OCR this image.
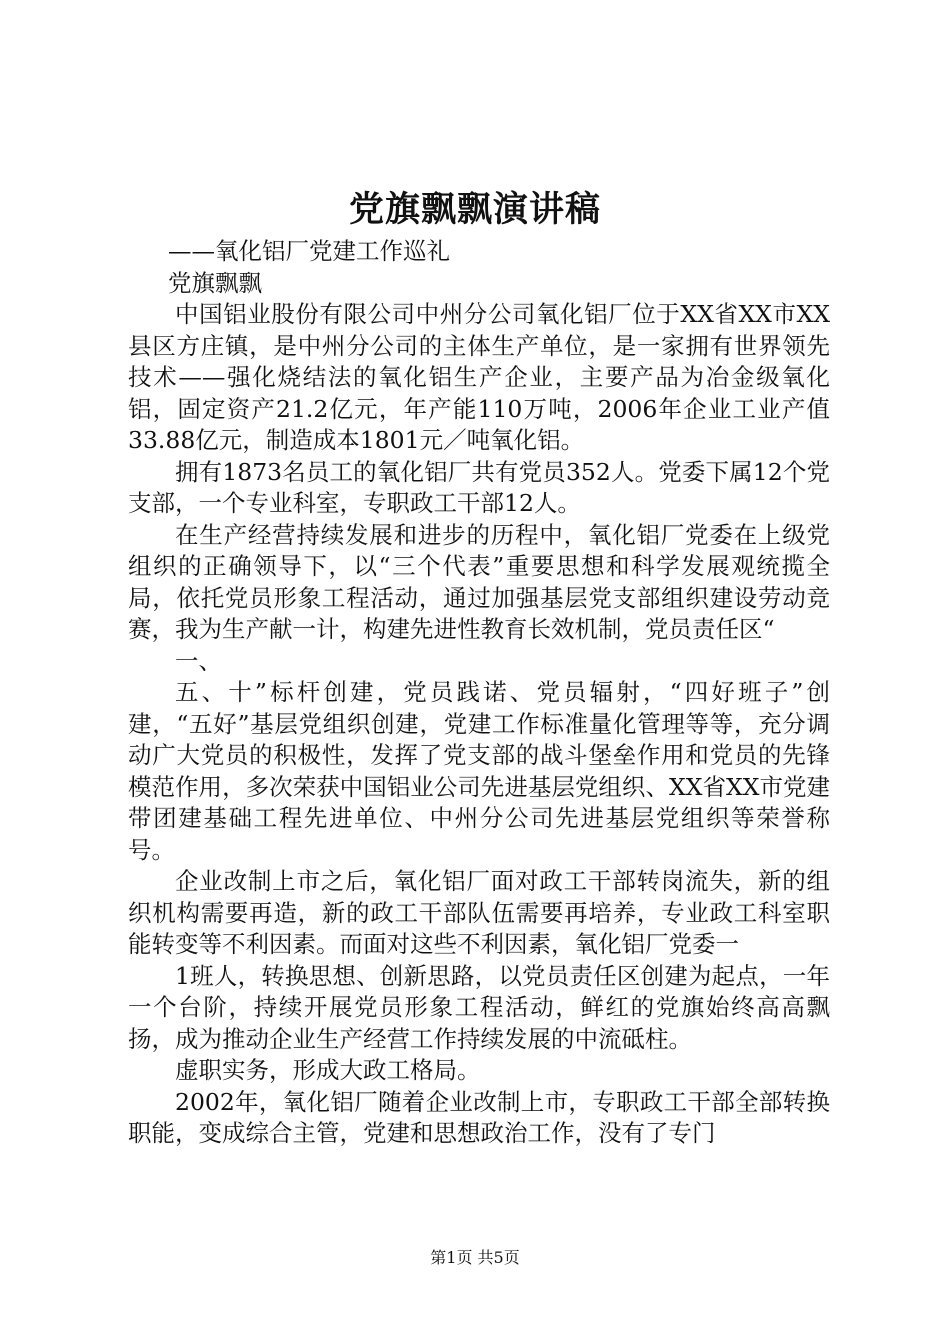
党旗飘飘演讲稿

——氧化铝厂党建工作巡礼

党旗飘飘

中国铝业股份有限公司中州分公司氧化铝厂位于XX省XX市XX县区方庄镇，是中州分公司的主体生产单位，是一家拥有世界领先技术——强化烧结法的氧化铝生产企业，主要产品为冶金级氧化铝，固定资产21.2亿元，年产能110万吨，2006年企业工业产值33.88亿元，制造成本1801元／吨氧化铝。

拥有1873名员工的氧化铝厂共有党员352人。党委下属12个党支部，一个专业科室，专职政工干部12人。

在生产经营持续发展和进步的历程中，氧化铝厂党委在上级党组织的正确领导下，以“三个代表”重要思想和科学发展观统揽全局，依托党员形象工程活动，通过加强基层党支部组织建设劳动竞赛，我为生产献一计，构建先进性教育长效机制，党员责任区“

一、

五、十”标杆创建，党员践诺、党员辐射，“四好班子”创建，“五好”基层党组织创建，党建工作标准量化管理等等，充分调动广大党员的积极性，发挥了党支部的战斗堡垒作用和党员的先锋模范作用，多次荣获中国铝业公司先进基层党组织、XX省XX市党建带团建基础工程先进单位、中州分公司先进基层党组织等荣誉称号。

企业改制上市之后，氧化铝厂面对政工干部转岗流失，新的组织机构需要再造，新的政工干部队伍需要再培养，专业政工科室职能转变等不利因素。而面对这些不利因素，氧化铝厂党委一

1班人，转换思想、创新思路，以党员责任区创建为起点，一年一个台阶，持续开展党员形象工程活动，鲜红的党旗始终高高飘扬，成为推动企业生产经营工作持续发展的中流砥柱。

虚职实务，形成大政工格局。

2002年，氧化铝厂随着企业改制上市，专职政工干部全部转换职能，变成综合主管，党建和思想政治工作，没有了专门

第1页 共5页
